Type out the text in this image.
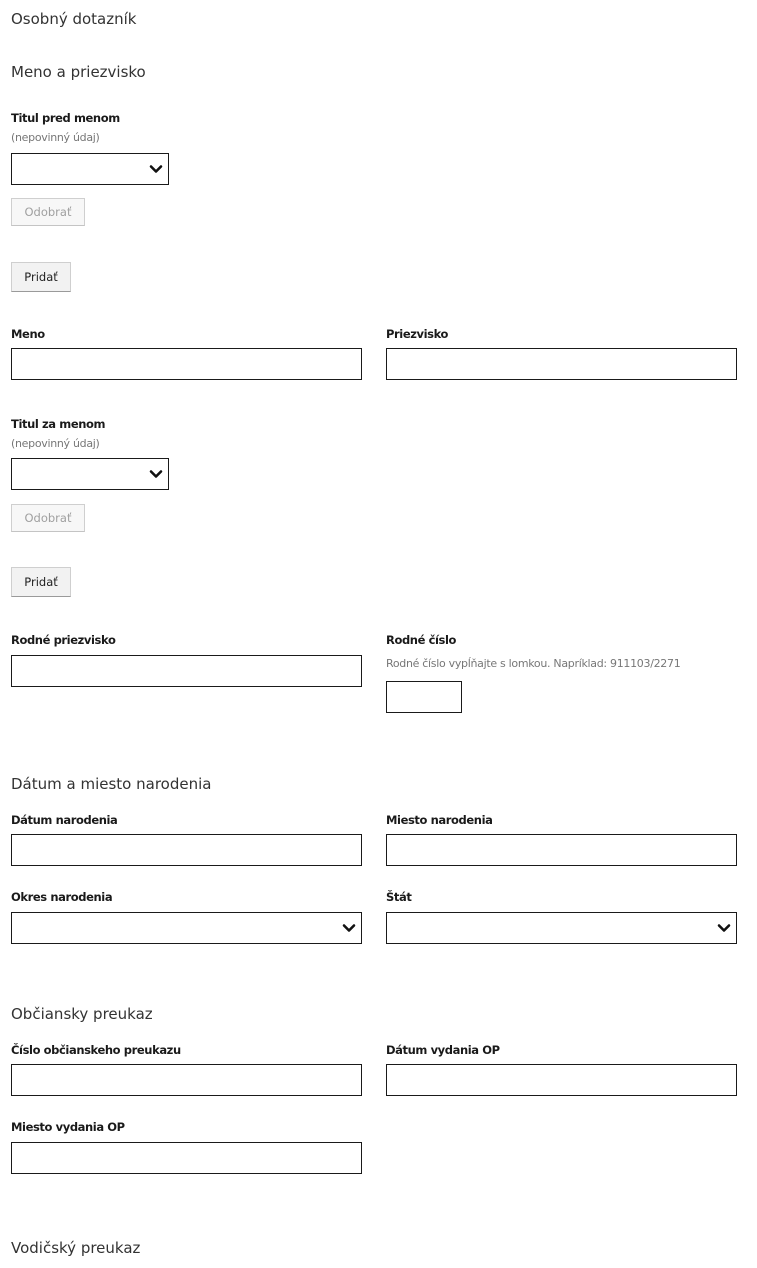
Osobný dotazník
Meno a priezvisko
Titul pred menom
(nepovinný údaj)
Odobrať
Pridať
Meno	Priezvisko
Titul za menom
(nepovinný údaj)
Odobrať
Pridať
Rodné priezvisko	Rodné číslo
Rodné číslo vypĺňajte s lomkou. Napríklad: 911103/2271
Dátum a miesto narodenia
Dátum narodenia	Miesto narodenia
Okres narodenia	Štát
Občiansky preukaz
Číslo občianskeho preukazu	Dátum vydania OP
Miesto vydania OP
Vodičský preukaz
